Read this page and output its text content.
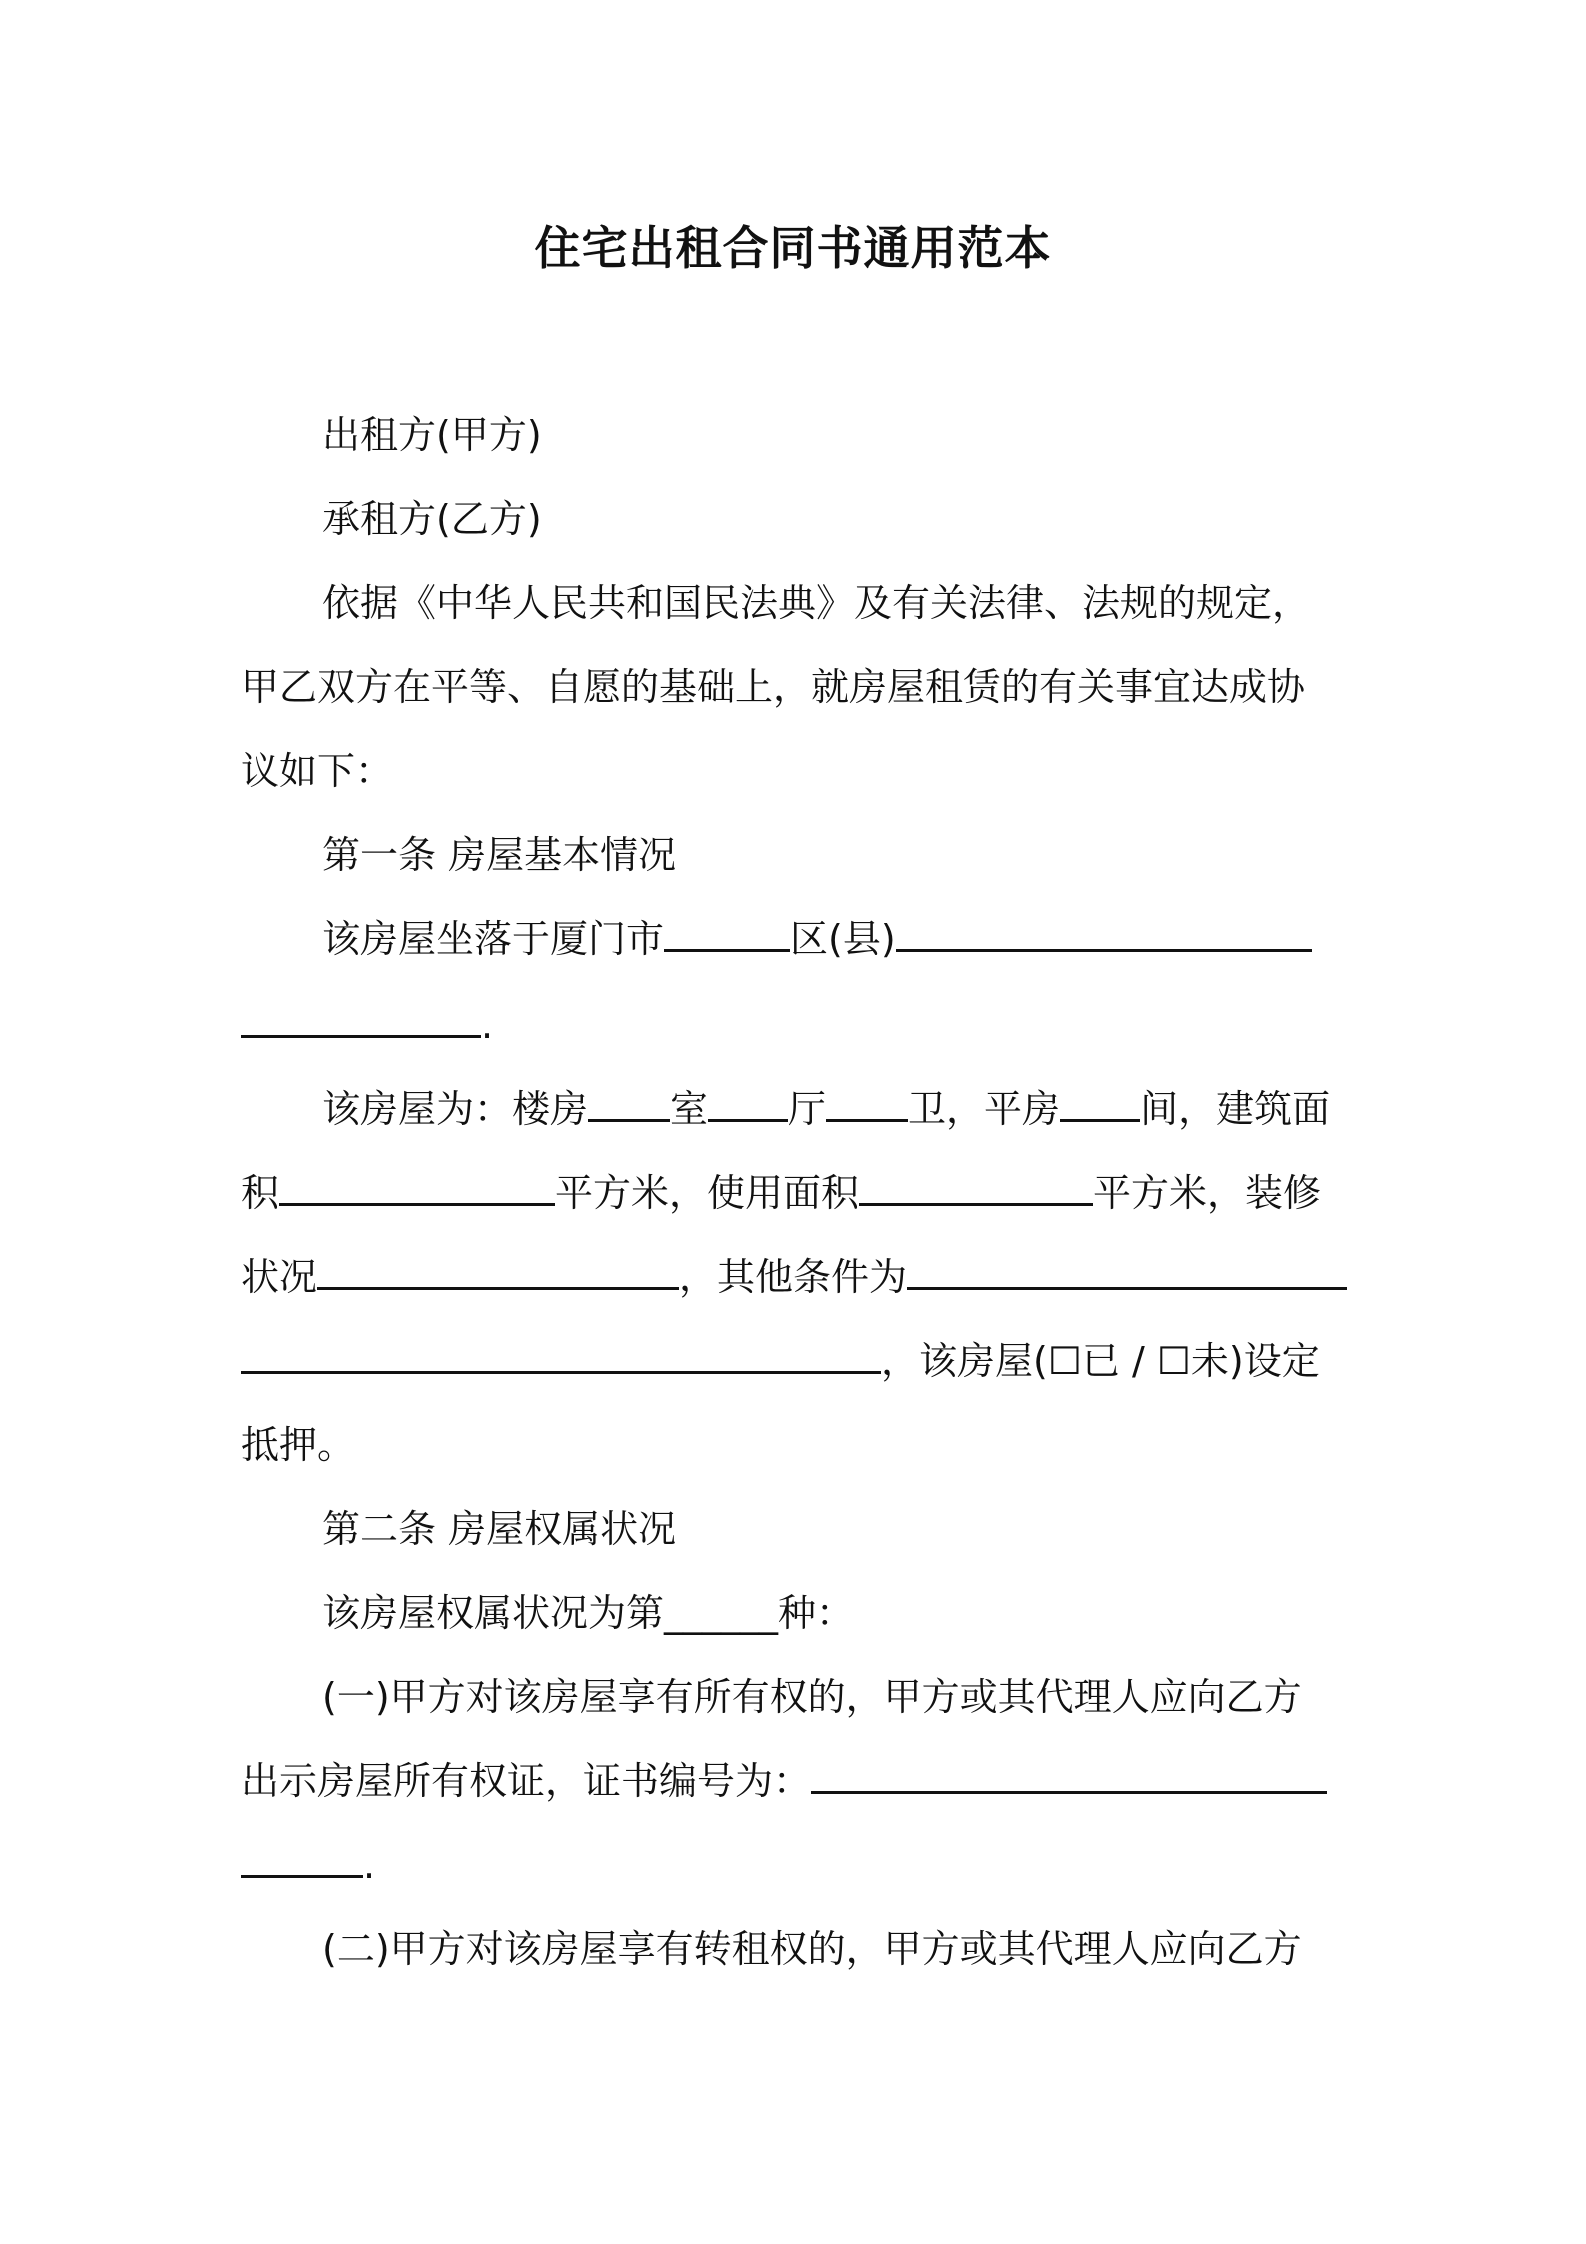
住宅出租合同书通用范本
出租方(甲方)
承租方(乙方)
依据《中华人民共和国民法典》及有关法律、法规的规定，
甲乙双方在平等、自愿的基础上，就房屋租赁的有关事宜达成协
议如下：
第一条 房屋基本情况
该房屋坐落于厦门市	区(县)
.
该房屋为：楼房 室 厅 卫，平房 间，建筑面
积	平方米，使用面积	平方米，装修
状况	，其他条件为
，该房屋(☐已 / ☐未)设定
抵押。
第二条 房屋权属状况
该房屋权属状况为第______种：
(一)甲方对该房屋享有所有权的，甲方或其代理人应向乙方
出示房屋所有权证，证书编号为：
.
(二)甲方对该房屋享有转租权的，甲方或其代理人应向乙方
